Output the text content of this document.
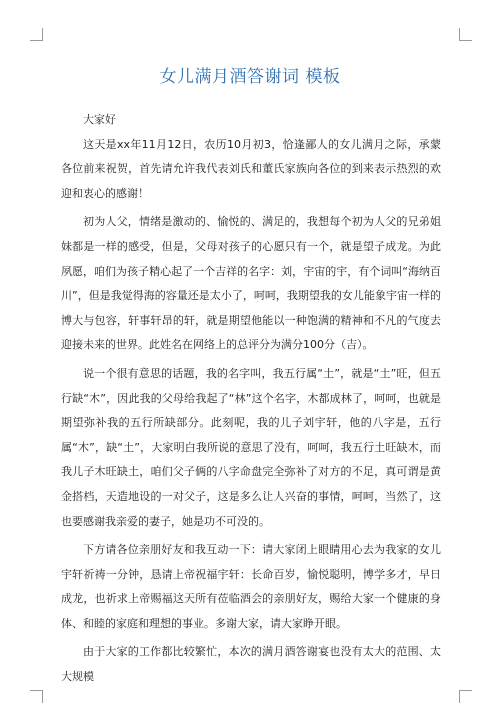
女儿满月酒答谢词 模板

大家好

这天是xx年11月12日，农历10月初3，恰逢鄙人的女儿满月之际，承蒙各位前来祝贺，首先请允许我代表刘氏和董氏家族向各位的到来表示热烈的欢迎和衷心的感谢！

初为人父，情绪是激动的、愉悦的、满足的，我想每个初为人父的兄弟姐妹都是一样的感受，但是，父母对孩子的心愿只有一个，就是望子成龙。为此夙愿，咱们为孩子精心起了一个吉祥的名字：刘，宇宙的宇，有个词叫“海纳百川”，但是我觉得海的容量还是太小了，呵呵，我期望我的女儿能象宇宙一样的博大与包容，轩事轩昂的轩，就是期望他能以一种饱满的精神和不凡的气度去迎接未来的世界。此姓名在网络上的总评分为满分100分（吉）。

说一个很有意思的话题，我的名字叫，我五行属“土”，就是“土”旺，但五行缺“木”，因此我的父母给我起了“林”这个名字，木都成林了，呵呵，也就是期望弥补我的五行所缺部分。此刻呢，我的儿子刘宇轩，他的八字是，五行属“木”，缺“土”，大家明白我所说的意思了没有，呵呵，我五行土旺缺木，而我儿子木旺缺土，咱们父子俩的八字命盘完全弥补了对方的不足，真可谓是黄金搭档，天造地设的一对父子，这是多么让人兴奋的事情，呵呵，当然了，这也要感谢我亲爱的妻子，她是功不可没的。

下方请各位亲朋好友和我互动一下：请大家闭上眼睛用心去为我家的女儿宇轩祈祷一分钟，恳请上帝祝福宇轩：长命百岁，愉悦聪明，博学多才，早日成龙，也祈求上帝赐福这天所有莅临酒会的亲朋好友，赐给大家一个健康的身体、和睦的家庭和理想的事业。多谢大家，请大家睁开眼。

由于大家的工作都比较繁忙，本次的满月酒答谢宴也没有太大的范围、太大规模
